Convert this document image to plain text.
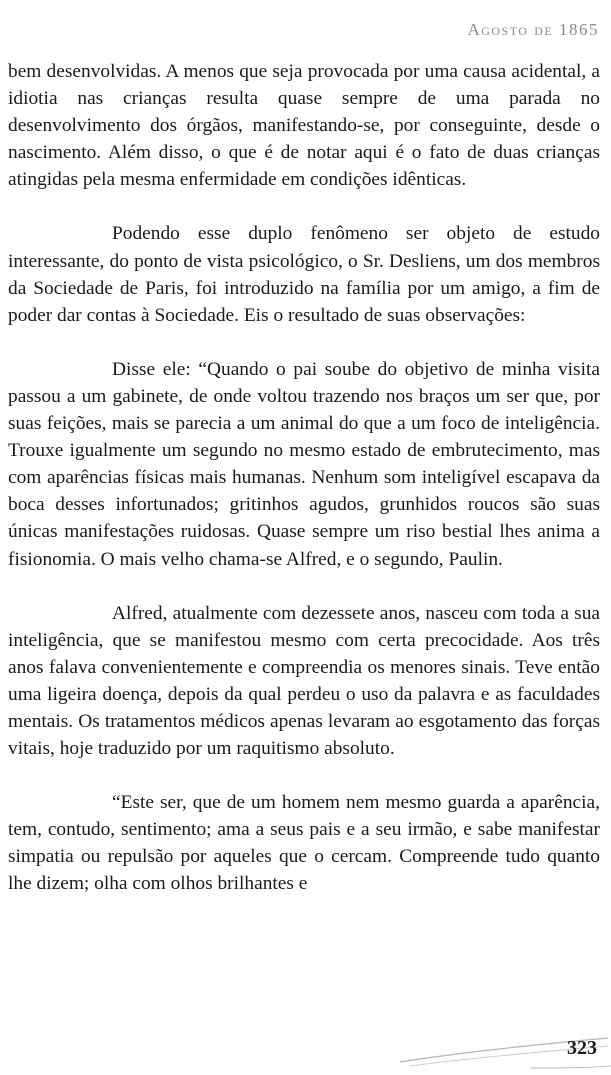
Agosto de 1865

bem desenvolvidas. A menos que seja provocada por uma causa acidental, a idiotia nas crianças resulta quase sempre de uma parada no desenvolvimento dos órgãos, manifestando-se, por conseguinte, desde o nascimento. Além disso, o que é de notar aqui é o fato de duas crianças atingidas pela mesma enfermidade em condições idênticas.

Podendo esse duplo fenômeno ser objeto de estudo interessante, do ponto de vista psicológico, o Sr. Desliens, um dos membros da Sociedade de Paris, foi introduzido na família por um amigo, a fim de poder dar contas à Sociedade. Eis o resultado de suas observações:

Disse ele: “Quando o pai soube do objetivo de minha visita passou a um gabinete, de onde voltou trazendo nos braços um ser que, por suas feições, mais se parecia a um animal do que a um foco de inteligência. Trouxe igualmente um segundo no mesmo estado de embrutecimento, mas com aparências físicas mais humanas. Nenhum som inteligível escapava da boca desses infortunados; gritinhos agudos, grunhidos roucos são suas únicas manifestações ruidosas. Quase sempre um riso bestial lhes anima a fisionomia. O mais velho chama-se Alfred, e o segundo, Paulin.

Alfred, atualmente com dezessete anos, nasceu com toda a sua inteligência, que se manifestou mesmo com certa precocidade. Aos três anos falava convenientemente e compreendia os menores sinais. Teve então uma ligeira doença, depois da qual perdeu o uso da palavra e as faculdades mentais. Os tratamentos médicos apenas levaram ao esgotamento das forças vitais, hoje traduzido por um raquitismo absoluto.

“Este ser, que de um homem nem mesmo guarda a aparência, tem, contudo, sentimento; ama a seus pais e a seu irmão, e sabe manifestar simpatia ou repulsão por aqueles que o cercam. Compreende tudo quanto lhe dizem; olha com olhos brilhantes e

323
